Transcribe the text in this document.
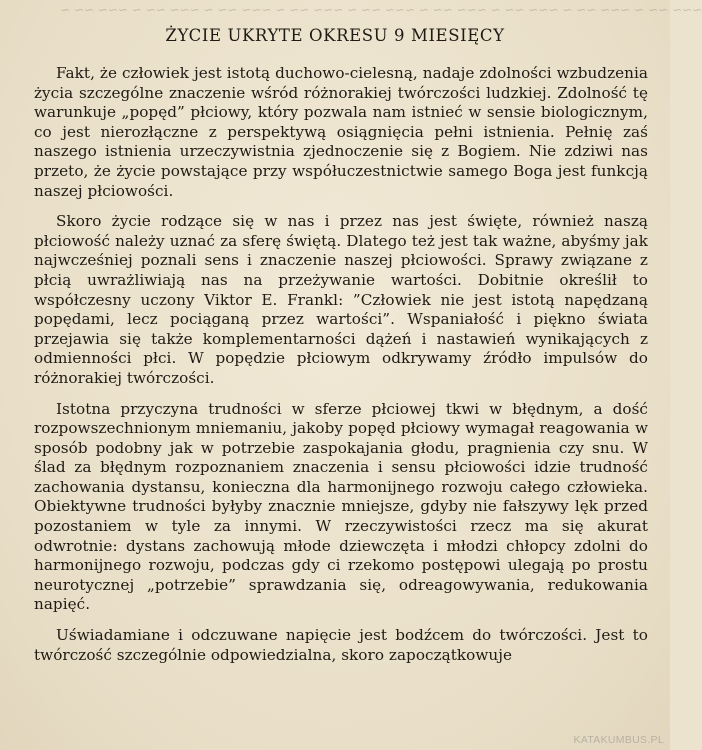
~ ~~ ~~~ ~ ~~ ~~~ ~ ~~ ~~~ ~ ~~ ~~~ ~ ~~ ~~~ ~ ~~ ~~~ ~ ~~ ~~~ ~ ~~ ~~~ ~ ~~ ~~~
ŻYCIE UKRYTE OKRESU 9 MIESIĘCY

Fakt, że człowiek jest istotą duchowo-cielesną, nadaje zdolności wzbudzenia życia szczególne znaczenie wśród różnorakiej twórczości ludzkiej. Zdolność tę warunkuje „popęd” płciowy, który pozwala nam istnieć w sensie biologicznym, co jest nierozłączne z perspektywą osiągnięcia pełni istnienia. Pełnię zaś naszego istnienia urzeczywistnia zjednoczenie się z Bogiem. Nie zdziwi nas przeto, że życie powstające przy współuczestnictwie samego Boga jest funkcją naszej płciowości.

Skoro życie rodzące się w nas i przez nas jest święte, również naszą płciowość należy uznać za sferę świętą. Dlatego też jest tak ważne, abyśmy jak najwcześniej poznali sens i znaczenie naszej płciowości. Sprawy związane z płcią uwrażliwiają nas na przeżywanie wartości. Dobitnie określił to współczesny uczony Viktor E. Frankl: ”Człowiek nie jest istotą napędzaną popędami, lecz pociąganą przez wartości”. Wspaniałość i piękno świata przejawia się także komplementarności dążeń i nastawień wynikających z odmienności płci. W popędzie płciowym odkrywamy źródło impulsów do różnorakiej twórczości.

Istotna przyczyna trudności w sferze płciowej tkwi w błędnym, a dość rozpowszechnionym mniemaniu, jakoby popęd płciowy wymagał reagowania w sposób podobny jak w potrzebie zaspokajania głodu, pragnienia czy snu. W ślad za błędnym rozpoznaniem znaczenia i sensu płciowości idzie trudność zachowania dystansu, konieczna dla harmonijnego rozwoju całego człowieka. Obiektywne trudności byłyby znacznie mniejsze, gdyby nie fałszywy lęk przed pozostaniem w tyle za innymi. W rzeczywistości rzecz ma się akurat odwrotnie: dystans zachowują młode dziewczęta i młodzi chłopcy zdolni do harmonijnego rozwoju, podczas gdy ci rzekomo postępowi ulegają po prostu neurotycznej „potrzebie” sprawdzania się, odreagowywania, redukowania napięć.

Uświadamiane i odczuwane napięcie jest bodźcem do twórczości. Jest to twórczość szczególnie odpowiedzialna, skoro zapoczątkowuje

KATAKUMBUS.PL
